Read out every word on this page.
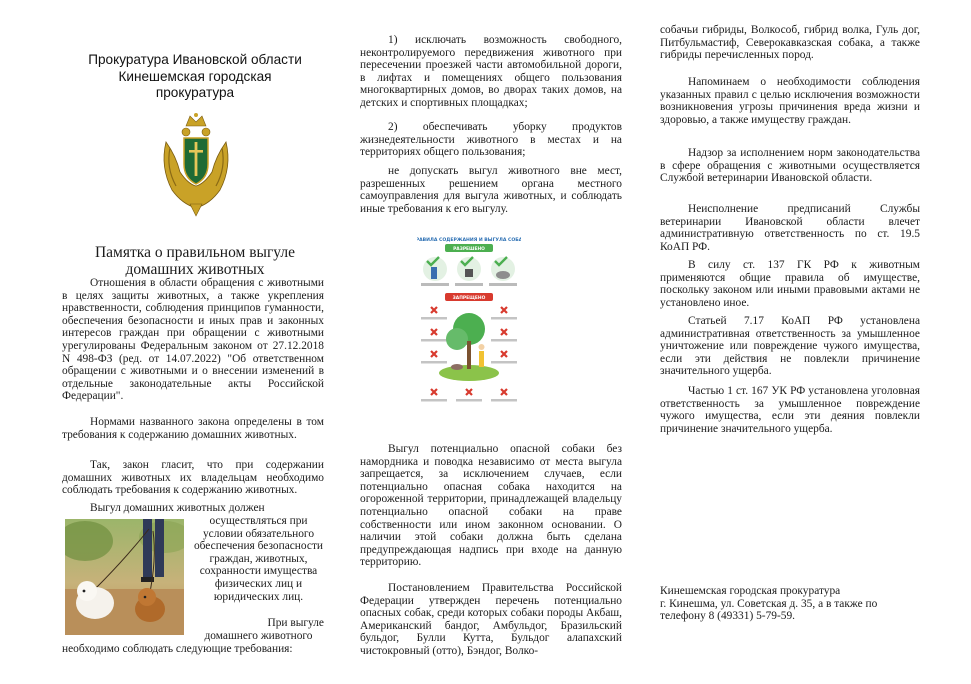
Прокуратура Ивановской области
Кинешемская городская
прокуратура
Памятка о правильном выгуле
домашних животных

Отношения в области обращения с животными в целях защиты животных, а также укрепления нравственности, соблюдения принципов гуманности, обеспечения безопасности и иных прав и законных интересов граждан при обращении с животными урегулированы Федеральным законом от 27.12.2018 N 498-ФЗ (ред. от 14.07.2022) "Об ответственном обращении с животными и о внесении изменений в отдельные законодательные акты Российской Федерации".

Нормами названного закона определены в том требования к содержанию домашних животных.

Так, закон гласит, что при содержании домашних животных их владельцам необходимо соблюдать требования к содержанию животных.

Выгул домашних животных должен

осуществляться при условии обязательного обеспечения безопасности граждан, животных, сохранности имущества физических лиц и юридических лиц.

При выгуле
домашнего животного

необходимо соблюдать следующие требования:

1) исключать возможность свободного, неконтролируемого передвижения животного при пересечении проезжей части автомобильной дороги, в лифтах и помещениях общего пользования многоквартирных домов, во дворах таких домов, на детских и спортивных площадках;

2) обеспечивать уборку продуктов жизнедеятельности животного в местах и на территориях общего пользования;

не допускать выгул животного вне мест, разрешенных решением органа местного самоуправления для выгула животных, и соблюдать иные требования к его выгулу.

ПРАВИЛА СОДЕРЖАНИЯ И ВЫГУЛА СОБАК
РАЗРЕШЕНО
ЗАПРЕЩЕНО

Выгул потенциально опасной собаки без намордника и поводка независимо от места выгула запрещается, за исключением случаев, если потенциально опасная собака находится на огороженной территории, принадлежащей владельцу потенциально опасной собаки на праве собственности или ином законном основании. О наличии этой собаки должна быть сделана предупреждающая надпись при входе на данную территорию.

Постановлением Правительства Российской Федерации утвержден перечень потенциально опасных собак, среди которых собаки породы Акбаш, Американский бандог, Амбульдог, Бразильский бульдог, Булли Кутта, Бульдог алапахский чистокровный (отто), Бэндог, Волко-

собачьи гибриды, Волкособ, гибрид волка, Гуль дог, Питбульмастиф, Северокавказская собака, а также гибриды перечисленных пород.

Напоминаем о необходимости соблюдения указанных правил с целью исключения возможности возникновения угрозы причинения вреда жизни и здоровью, а также имуществу граждан.

Надзор за исполнением норм законодательства в сфере обращения с животными осуществляется Службой ветеринарии Ивановской области.

Неисполнение предписаний Службы ветеринарии Ивановской области влечет административную ответственность по ст. 19.5 КоАП РФ.

В силу ст. 137 ГК РФ к животным применяются общие правила об имуществе, поскольку законом или иными правовыми актами не установлено иное.

Статьей 7.17 КоАП РФ установлена административная ответственность за умышленное уничтожение или повреждение чужого имущества, если эти действия не повлекли причинение значительного ущерба.

Частью 1 ст. 167 УК РФ установлена уголовная ответственность за умышленное повреждение чужого имущества, если эти деяния повлекли причинение значительного ущерба.

Кинешемская городская прокуратура
г. Кинешма, ул. Советская д. 35, а в также по телефону 8 (49331) 5-79-59.
